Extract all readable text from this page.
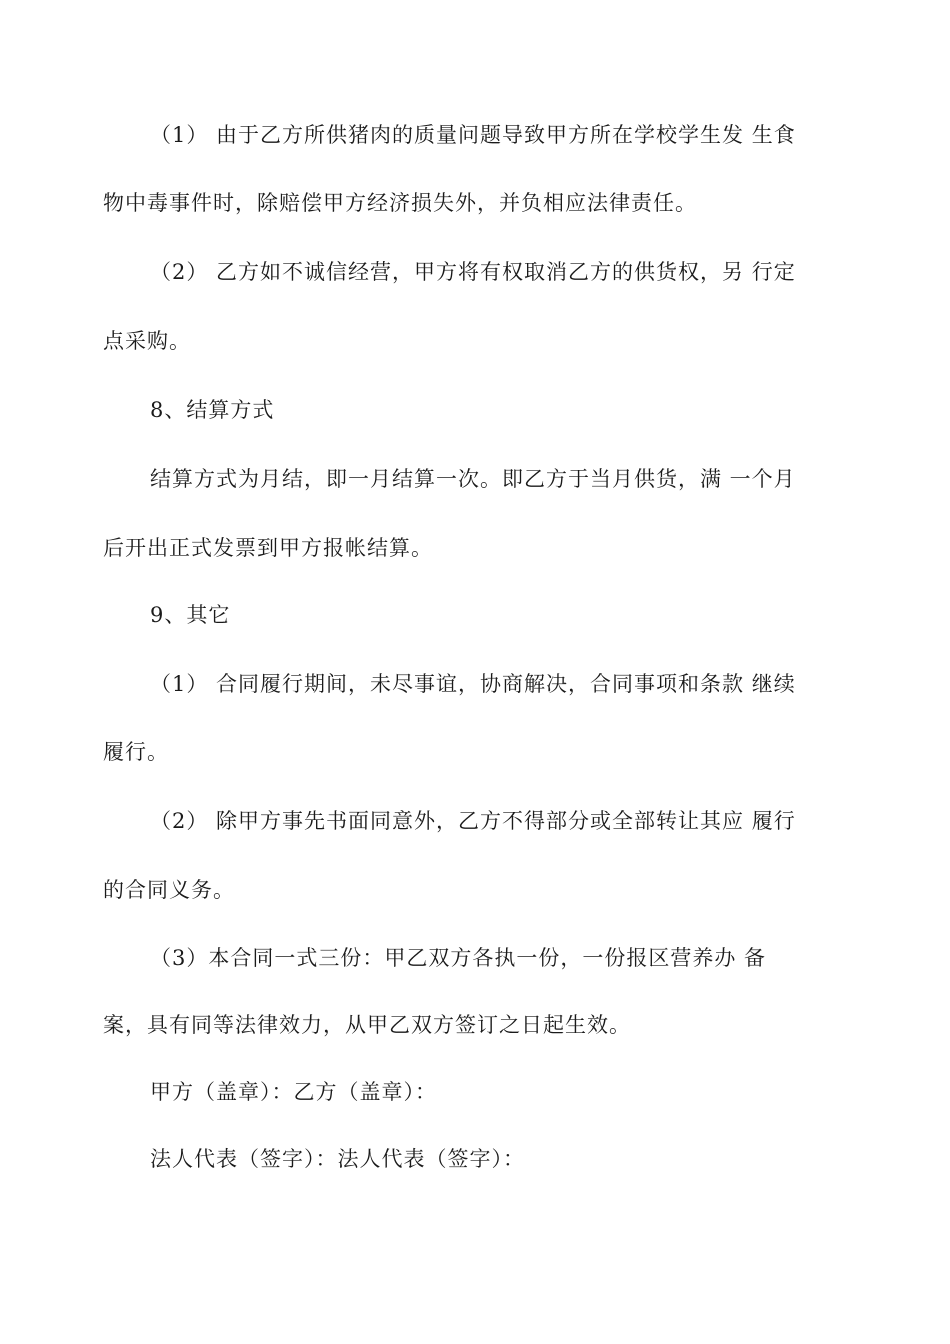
（1） 由于乙方所供猪肉的质量问题导致甲方所在学校学生发 生食
物中毒事件时，除赔偿甲方经济损失外，并负相应法律责任。
（2） 乙方如不诚信经营，甲方将有权取消乙方的供货权，另 行定
点采购。
8、结算方式
结算方式为月结，即一月结算一次。即乙方于当月供货，满 一个月
后开出正式发票到甲方报帐结算。
9、其它
（1） 合同履行期间，未尽事谊，协商解决，合同事项和条款 继续
履行。
（2） 除甲方事先书面同意外，乙方不得部分或全部转让其应 履行
的合同义务。
（3）本合同一式三份：甲乙双方各执一份，一份报区营养办 备
案，具有同等法律效力，从甲乙双方签订之日起生效。
甲方（盖章）：乙方（盖章）：
法人代表（签字）：法人代表（签字）：
